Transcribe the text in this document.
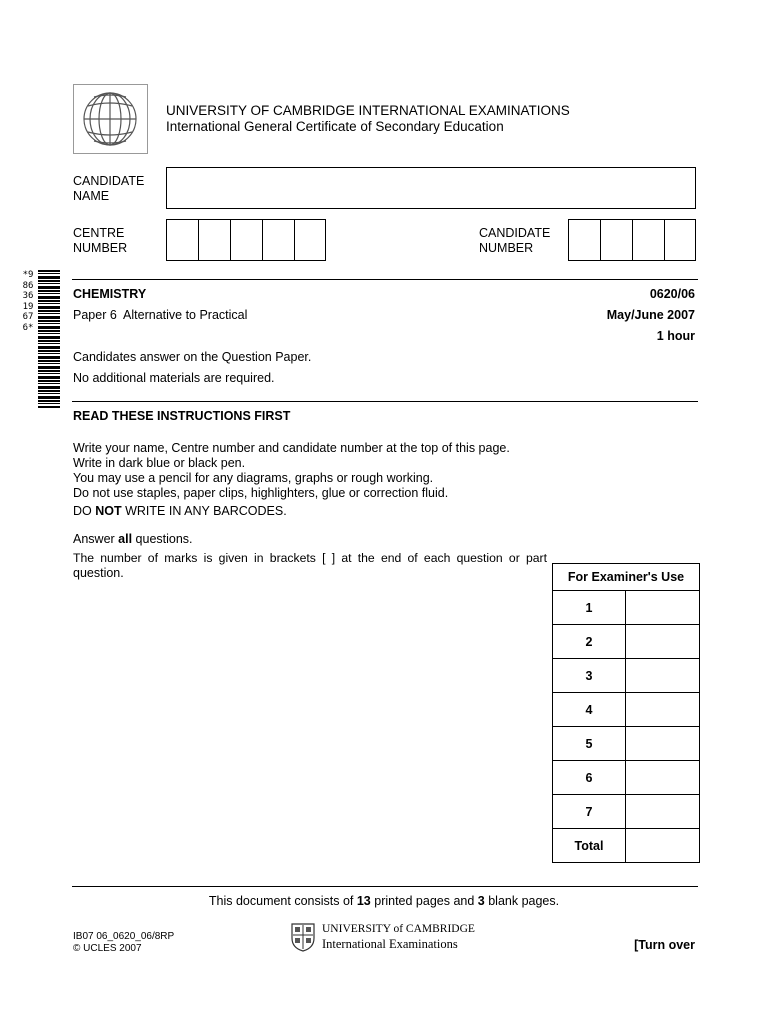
UNIVERSITY OF CAMBRIDGE INTERNATIONAL EXAMINATIONS
International General Certificate of Secondary Education
CANDIDATE
NAME
CENTRE
NUMBER
CANDIDATE
NUMBER
*9863619676*
CHEMISTRY	0620/06
Paper 6  Alternative to Practical	May/June 2007
1 hour
Candidates answer on the Question Paper.
No additional materials are required.
READ THESE INSTRUCTIONS FIRST

Write your name, Centre number and candidate number at the top of this page.

Write in dark blue or black pen.

You may use a pencil for any diagrams, graphs or rough working.

Do not use staples, paper clips, highlighters, glue or correction fluid.

DO NOT WRITE IN ANY BARCODES.

Answer all questions.
The number of marks is given in brackets [ ] at the end of each question or part
question.	For Examiner's Use	
1	
2	
3	
4	
5	
6	
7	
Total	
This document consists of 13 printed pages and 3 blank pages.
IB07 06_0620_06/8RP
© UCLES 2007
UNIVERSITY of CAMBRIDGE
International Examinations	[Turn over
